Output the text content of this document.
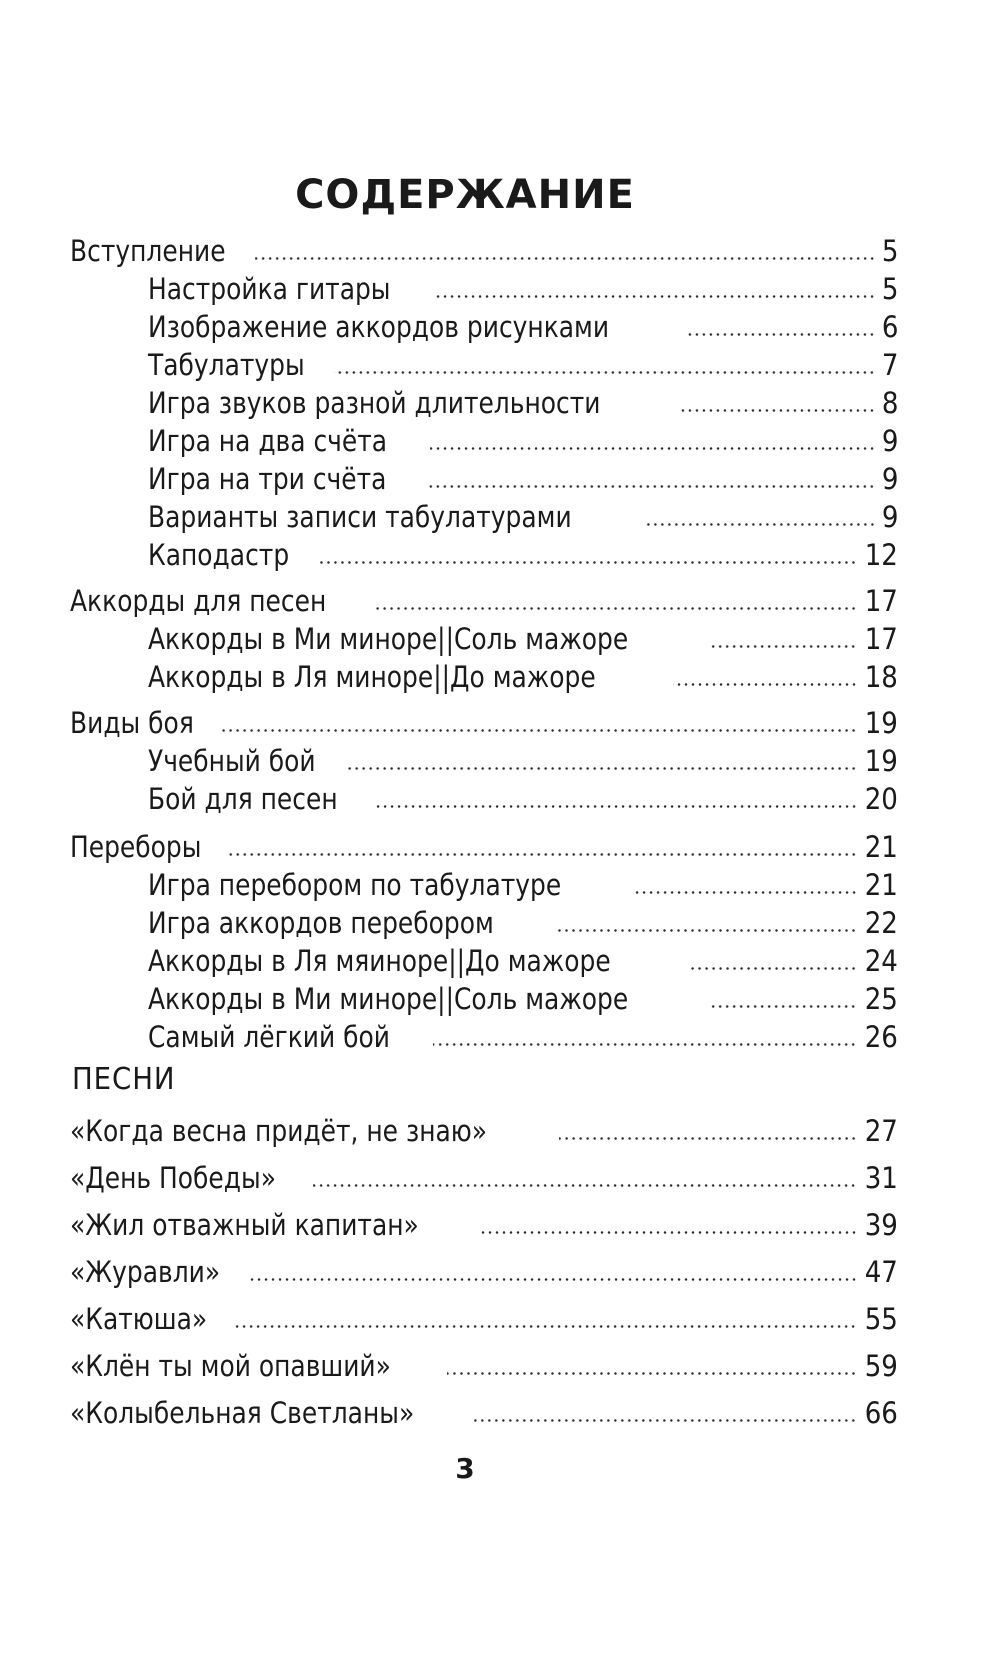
СОДЕРЖАНИЕ
Вступление	5
Настройка гитары	5
Изображение аккордов рисунками	6
Табулатуры	7
Игра звуков разной длительности	8
Игра на два счёта	9
Игра на три счёта	9
Варианты записи табулатурами	9
Каподастр	12
Аккорды для песен	17
Аккорды в Ми миноре||Соль мажоре	17
Аккорды в Ля миноре||До мажоре	18
Виды боя	19
Учебный бой	19
Бой для песен	20
Переборы	21
Игра перебором по табулатуре	21
Игра аккордов перебором	22
Аккорды в Ля мяиноре||До мажоре	24
Аккорды в Ми миноре||Соль мажоре	25
Самый лёгкий бой	26
ПЕСНИ
«Когда весна придёт, не знаю»	27
«День Победы»	31
«Жил отважный капитан»	39
«Журавли»	47
«Катюша»	55
«Клён ты мой опавший»	59
«Колыбельная Светланы»	66
3
